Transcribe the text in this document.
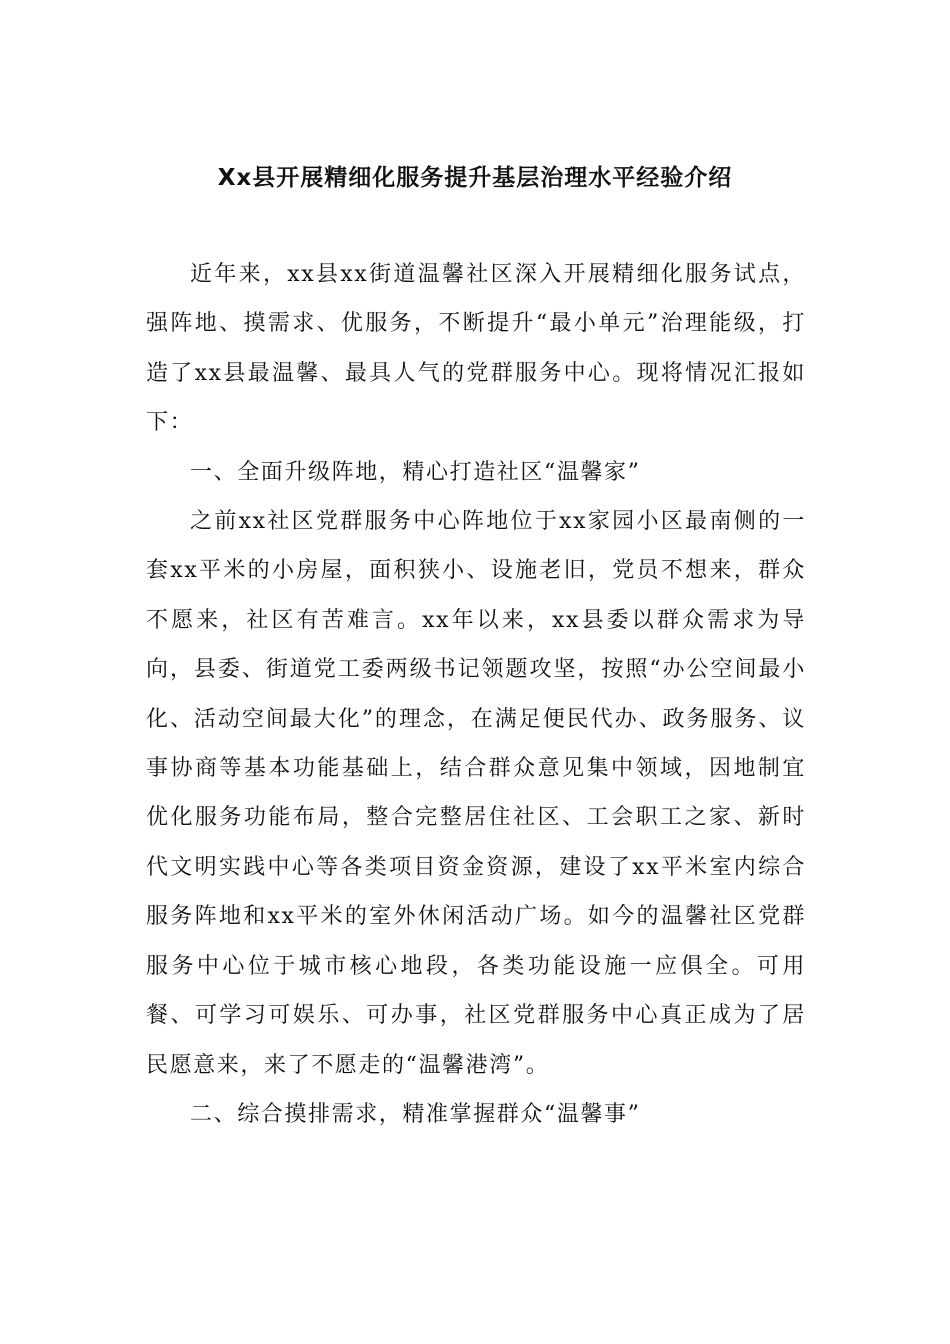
Xx县开展精细化服务提升基层治理水平经验介绍

近年来，xx县xx街道温馨社区深入开展精细化服务试点，强阵地、摸需求、优服务，不断提升“最小单元”治理能级，打造了xx县最温馨、最具人气的党群服务中心。现将情况汇报如下：

一、全面升级阵地，精心打造社区“温馨家”

之前xx社区党群服务中心阵地位于xx家园小区最南侧的一套xx平米的小房屋，面积狭小、设施老旧，党员不想来，群众不愿来，社区有苦难言。xx年以来，xx县委以群众需求为导向，县委、街道党工委两级书记领题攻坚，按照“办公空间最小化、活动空间最大化”的理念，在满足便民代办、政务服务、议事协商等基本功能基础上，结合群众意见集中领域，因地制宜优化服务功能布局，整合完整居住社区、工会职工之家、新时代文明实践中心等各类项目资金资源，建设了xx平米室内综合服务阵地和xx平米的室外休闲活动广场。如今的温馨社区党群服务中心位于城市核心地段，各类功能设施一应俱全。可用餐、可学习可娱乐、可办事，社区党群服务中心真正成为了居民愿意来，来了不愿走的“温馨港湾”。

二、综合摸排需求，精准掌握群众“温馨事”
